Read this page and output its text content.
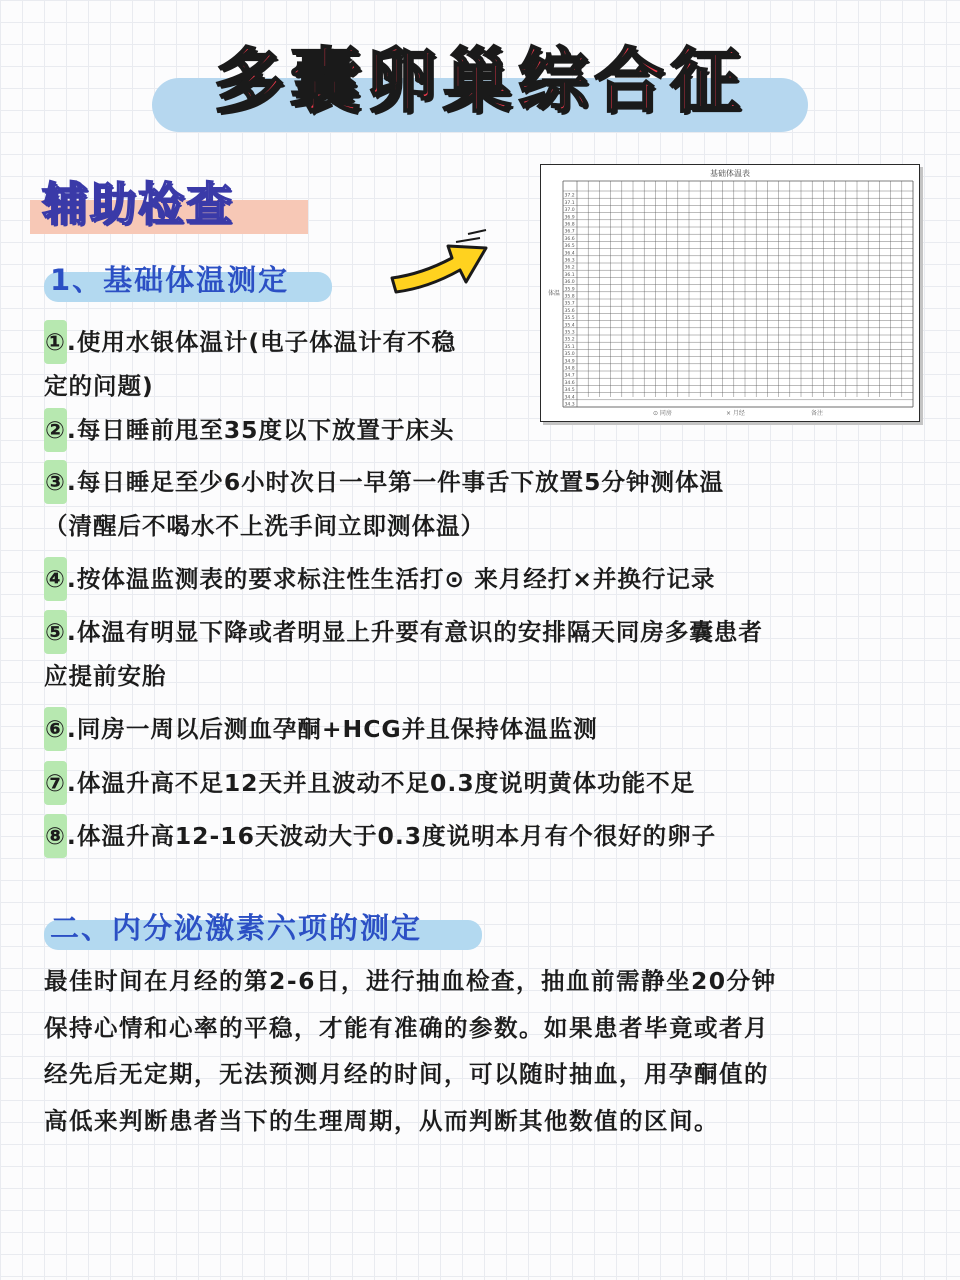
多囊卵巢综合征
辅助检查
基础体温表
体温
37.2
37.1
37.0
36.9
36.8
36.7
36.6
36.5
36.4
36.3
36.2
36.1
36.0
35.9
35.8
35.7
35.6
35.5
35.4
35.3
35.2
35.1
35.0
34.9
34.8
34.7
34.6
34.5
34.4
34.3
⊙ 同房	× 月经	备注
1、基础体温测定
①.使用水银体温计(电子体温计有不稳
定的问题)
②.每日睡前甩至35度以下放置于床头
③.每日睡足至少6小时次日一早第一件事舌下放置5分钟测体温
（清醒后不喝水不上洗手间立即测体温）
④.按体温监测表的要求标注性生活打⊙ 来月经打×并换行记录
⑤.体温有明显下降或者明显上升要有意识的安排隔天同房多囊患者
应提前安胎
⑥.同房一周以后测血孕酮+HCG并且保持体温监测
⑦.体温升高不足12天并且波动不足0.3度说明黄体功能不足
⑧.体温升高12-16天波动大于0.3度说明本月有个很好的卵子
二、内分泌激素六项的测定
最佳时间在月经的第2-6日，进行抽血检查，抽血前需静坐20分钟
保持心情和心率的平稳，才能有准确的参数。如果患者毕竟或者月
经先后无定期，无法预测月经的时间，可以随时抽血，用孕酮值的
高低来判断患者当下的生理周期，从而判断其他数值的区间。
